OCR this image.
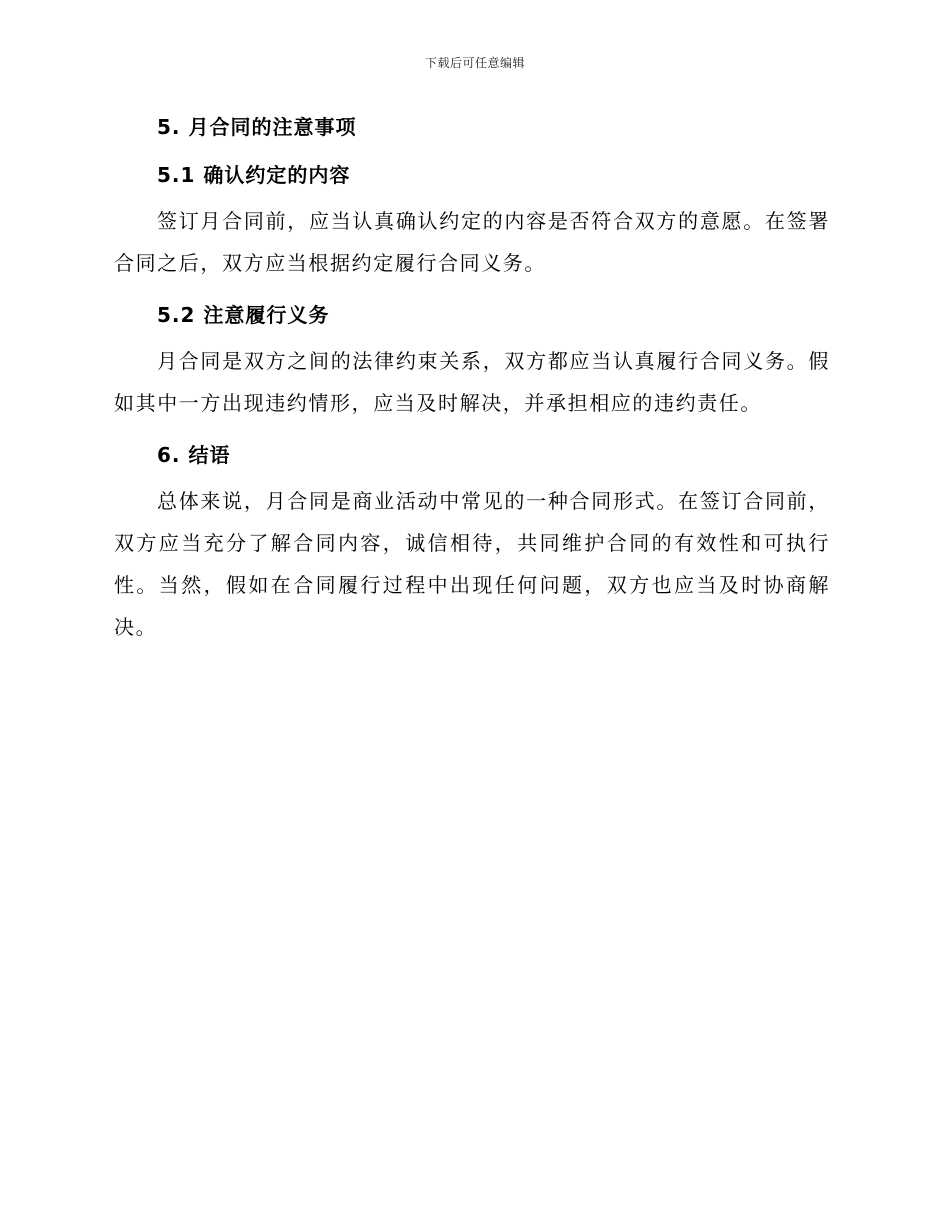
下载后可任意编辑
5. 月合同的注意事项
5.1 确认约定的内容

签订月合同前，应当认真确认约定的内容是否符合双方的意愿。在签署合同之后，双方应当根据约定履行合同义务。

5.2 注意履行义务

月合同是双方之间的法律约束关系，双方都应当认真履行合同义务。假如其中一方出现违约情形，应当及时解决，并承担相应的违约责任。

6. 结语

总体来说，月合同是商业活动中常见的一种合同形式。在签订合同前，双方应当充分了解合同内容，诚信相待，共同维护合同的有效性和可执行性。当然，假如在合同履行过程中出现任何问题，双方也应当及时协商解决。
